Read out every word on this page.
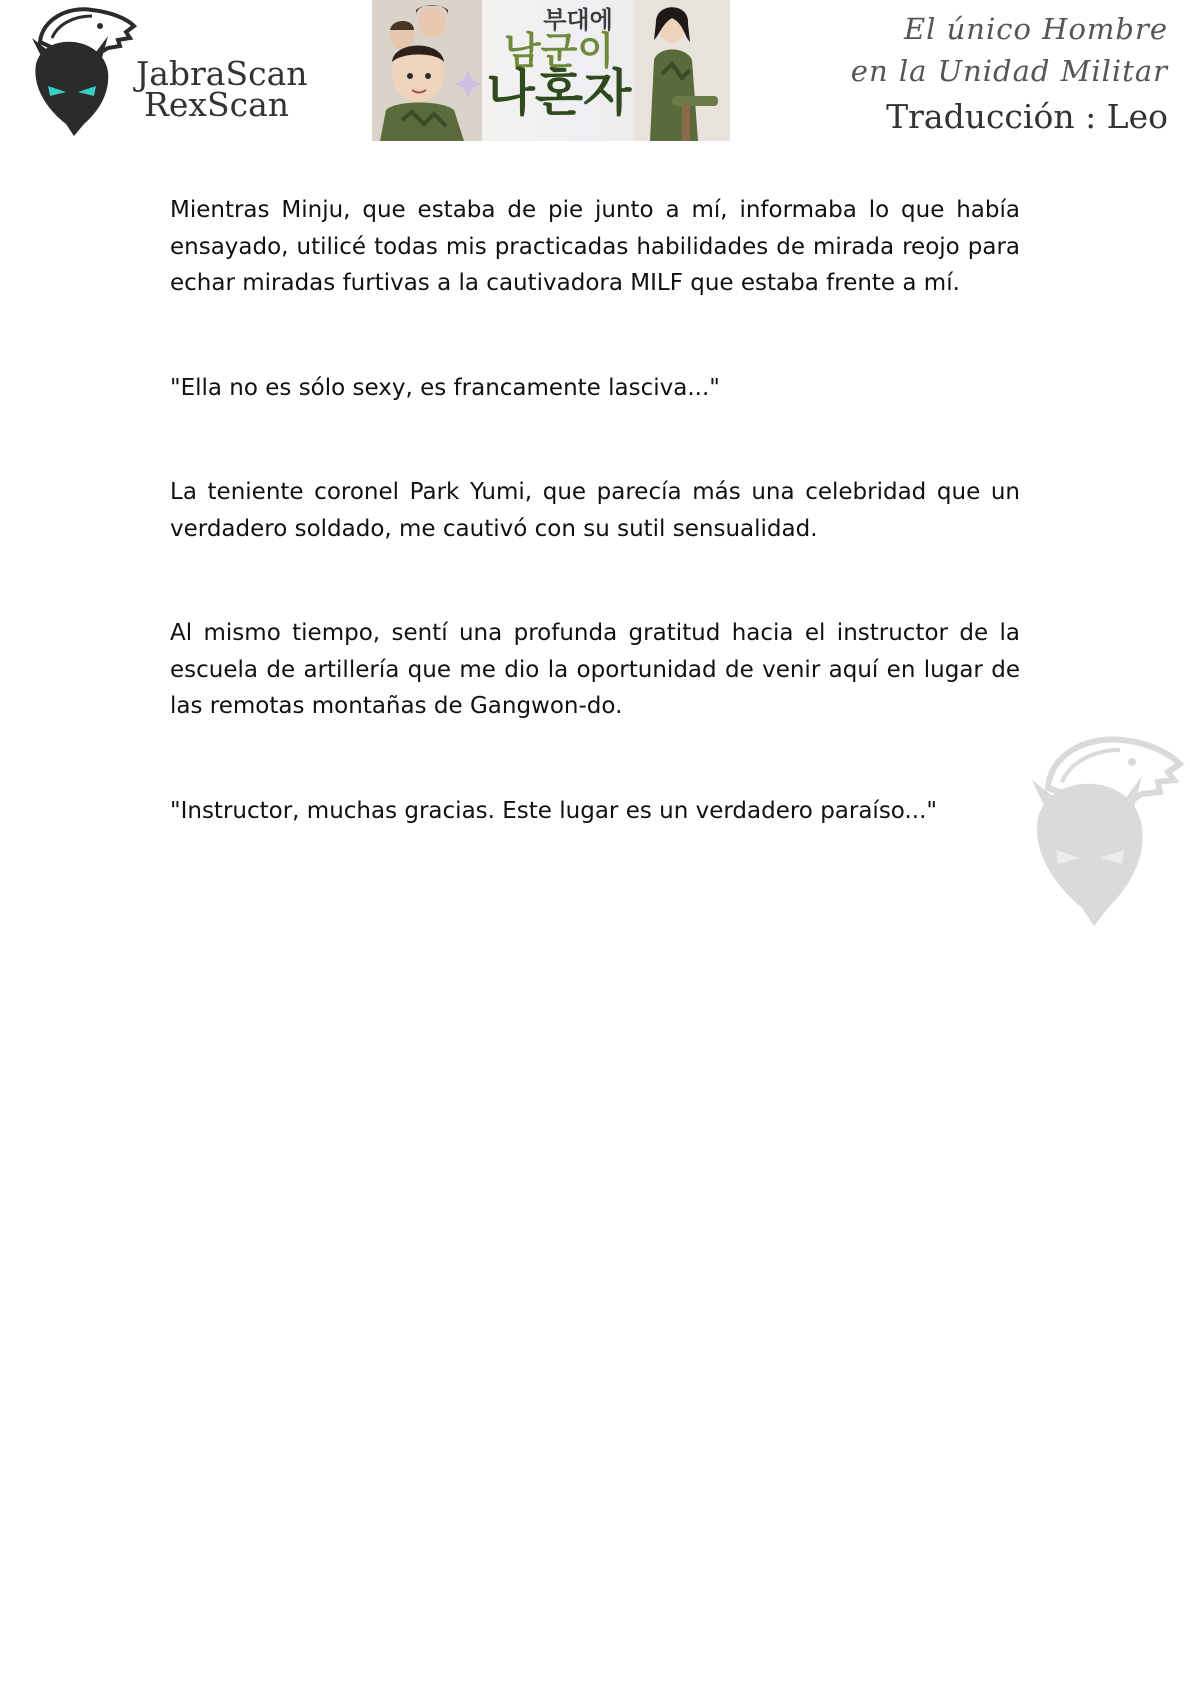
JabraScan
RexScan
부대에
남군이
나혼자
El único Hombre
en la Unidad Militar
Traducción : Leo

Mientras Minju, que estaba de pie junto a mí, informaba lo que había ensayado, utilicé todas mis practicadas habilidades de mirada reojo para echar miradas furtivas a la cautivadora MILF que estaba frente a mí.

"Ella no es sólo sexy, es francamente lasciva..."

La teniente coronel Park Yumi, que parecía más una celebridad que un verdadero soldado, me cautivó con su sutil sensualidad.

Al mismo tiempo, sentí una profunda gratitud hacia el instructor de la escuela de artillería que me dio la oportunidad de venir aquí en lugar de las remotas montañas de Gangwon-do.

"Instructor, muchas gracias. Este lugar es un verdadero paraíso..."
